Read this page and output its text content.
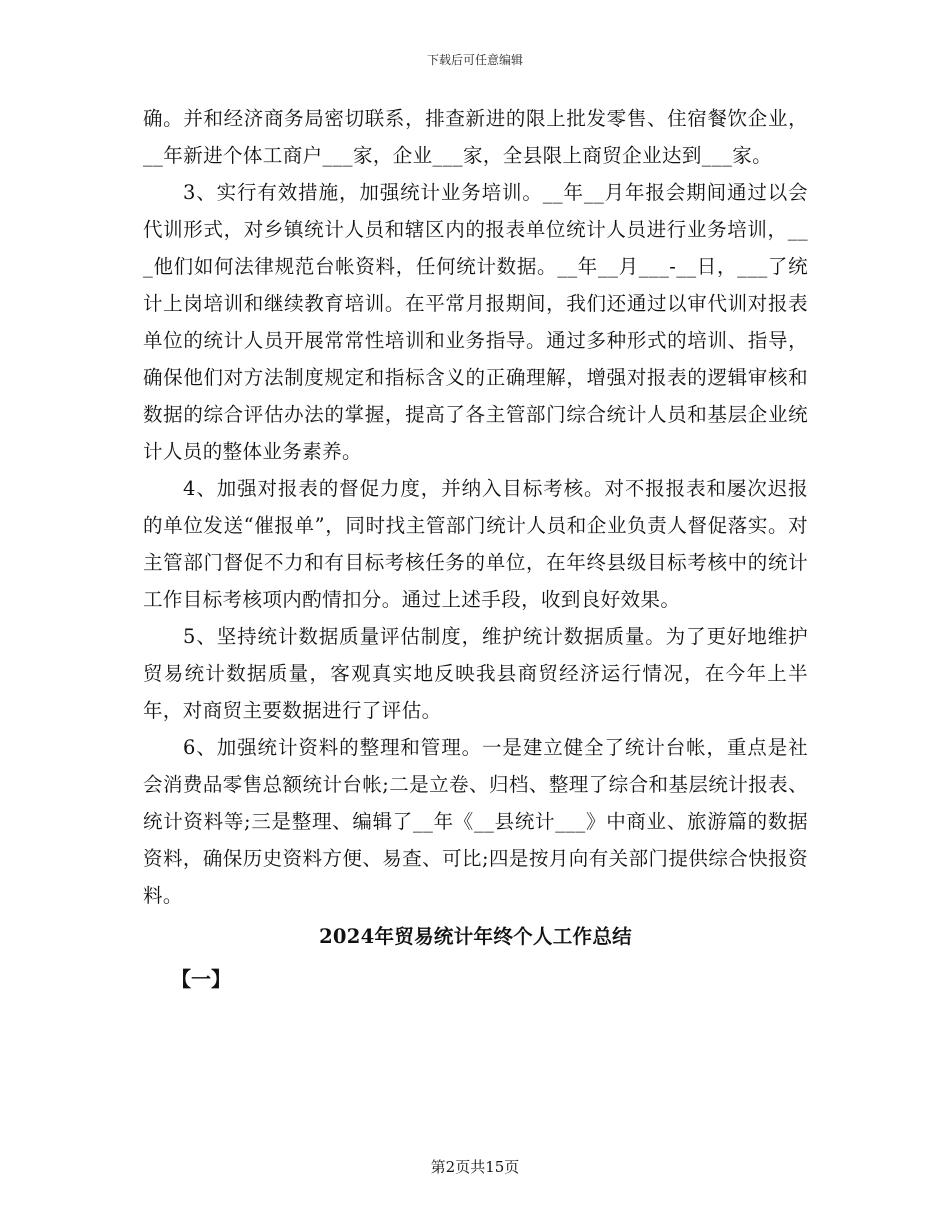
下载后可任意编辑

确。并和经济商务局密切联系，排查新进的限上批发零售、住宿餐饮企业，__年新进个体工商户___家，企业___家，全县限上商贸企业达到___家。

3、实行有效措施，加强统计业务培训。__年__月年报会期间通过以会代训形式，对乡镇统计人员和辖区内的报表单位统计人员进行业务培训，___他们如何法律规范台帐资料，任何统计数据。__年__月___-__日，___了统计上岗培训和继续教育培训。在平常月报期间，我们还通过以审代训对报表单位的统计人员开展常常性培训和业务指导。通过多种形式的培训、指导，确保他们对方法制度规定和指标含义的正确理解，增强对报表的逻辑审核和数据的综合评估办法的掌握，提高了各主管部门综合统计人员和基层企业统计人员的整体业务素养。

4、加强对报表的督促力度，并纳入目标考核。对不报报表和屡次迟报的单位发送“催报单”，同时找主管部门统计人员和企业负责人督促落实。对主管部门督促不力和有目标考核任务的单位，在年终县级目标考核中的统计工作目标考核项内酌情扣分。通过上述手段，收到良好效果。

5、坚持统计数据质量评估制度，维护统计数据质量。为了更好地维护贸易统计数据质量，客观真实地反映我县商贸经济运行情况，在今年上半年，对商贸主要数据进行了评估。

6、加强统计资料的整理和管理。一是建立健全了统计台帐，重点是社会消费品零售总额统计台帐;二是立卷、归档、整理了综合和基层统计报表、统计资料等;三是整理、编辑了__年《__县统计___》中商业、旅游篇的数据资料，确保历史资料方便、易查、可比;四是按月向有关部门提供综合快报资料。

2024年贸易统计年终个人工作总结

【一】

第2页共15页
